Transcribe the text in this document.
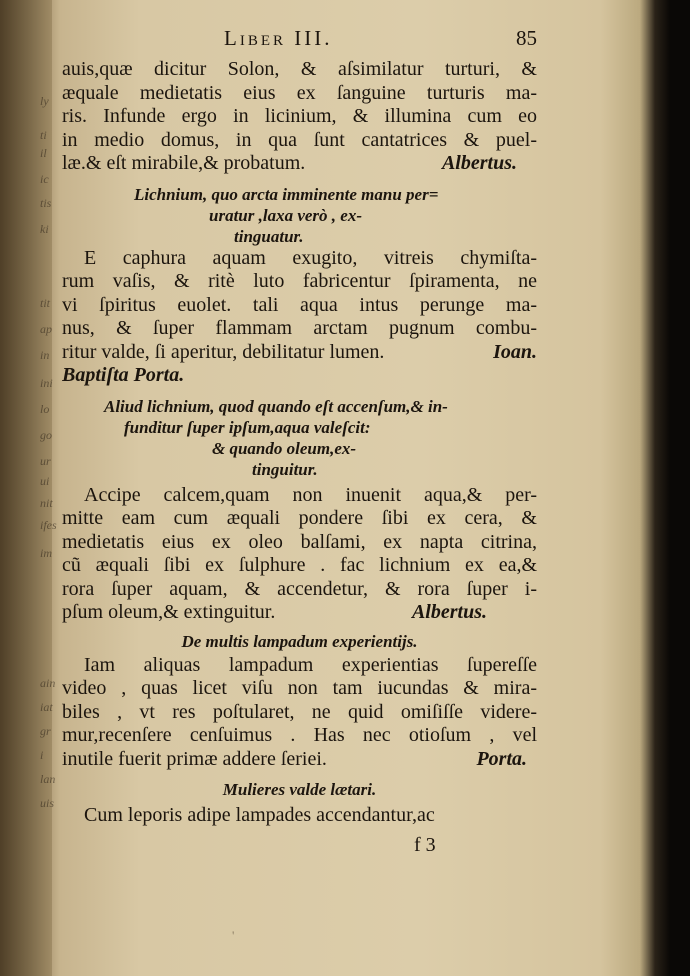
ly
ti
il
ic
tis
ki
tit
ap
in
ini
lo
go
ur
ui
nit
ifes
im
ain
iat
gr
i
lan
uis
Liber III.	85
auis,quæ dicitur Solon, & aſsimilatur turturi, &
æquale medietatis eius ex ſanguine turturis ma-
ris. Infunde ergo in licinium, & illumina cum eo
in medio domus, in qua ſunt cantatrices & puel-
læ.& eſt mirabile,& probatum.	Albertus.
Lichnium, quo arcta imminente manu per=
uratur ,laxa verò , ex-
tinguatur.
E caphura aquam exugito, vitreis chymiſta-
rum vaſis, & ritè luto fabricentur ſpiramenta, ne
vi ſpiritus euolet. tali aqua intus perunge ma-
nus, & ſuper flammam arctam pugnum combu-
ritur valde, ſi aperitur, debilitatur lumen.	Ioan.
Baptiſta Porta.
Aliud lichnium, quod quando eſt accenſum,& in-
funditur ſuper ipſum,aqua valeſcit:
& quando oleum,ex-
tinguitur.
Accipe calcem,quam non inuenit aqua,& per-
mitte eam cum æquali pondere ſibi ex cera, &
medietatis eius ex oleo balſami, ex napta citrina,
cũ æquali ſibi ex ſulphure . fac lichnium ex ea,&
rora ſuper aquam, & accendetur, & rora ſuper i-
pſum oleum,& extinguitur.	Albertus.
De multis lampadum experientijs.
Iam aliquas lampadum experientias ſupereſſe
video , quas licet viſu non tam iucundas & mira-
biles , vt res poſtularet, ne quid omiſiſſe videre-
mur,recenſere cenſuimus . Has nec otioſum , vel
inutile fuerit primæ addere ſeriei.	Porta.
Mulieres valde lætari.
Cum leporis adipe lampades accendantur,ac
f 3
'
